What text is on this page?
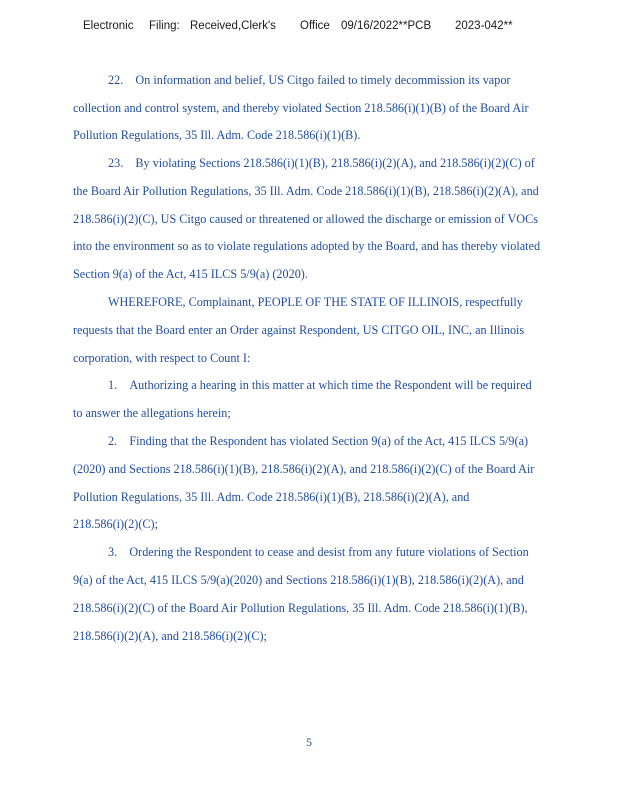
Electronic Filing: Received,Clerk's Office 09/16/2022**PCB 2023-042**
22. On information and belief, US Citgo failed to timely decommission its vapor
collection and control system, and thereby violated Section 218.586(i)(1)(B) of the Board Air
Pollution Regulations, 35 Ill. Adm. Code 218.586(i)(1)(B).
23. By violating Sections 218.586(i)(1)(B), 218.586(i)(2)(A), and 218.586(i)(2)(C) of
the Board Air Pollution Regulations, 35 Ill. Adm. Code 218.586(i)(1)(B), 218.586(i)(2)(A), and
218.586(i)(2)(C), US Citgo caused or threatened or allowed the discharge or emission of VOCs
into the environment so as to violate regulations adopted by the Board, and has thereby violated
Section 9(a) of the Act, 415 ILCS 5/9(a) (2020).
WHEREFORE, Complainant, PEOPLE OF THE STATE OF ILLINOIS, respectfully
requests that the Board enter an Order against Respondent, US CITGO OIL, INC, an Illinois
corporation, with respect to Count I:
1. Authorizing a hearing in this matter at which time the Respondent will be required
to answer the allegations herein;
2. Finding that the Respondent has violated Section 9(a) of the Act, 415 ILCS 5/9(a)
(2020) and Sections 218.586(i)(1)(B), 218.586(i)(2)(A), and 218.586(i)(2)(C) of the Board Air
Pollution Regulations, 35 Ill. Adm. Code 218.586(i)(1)(B), 218.586(i)(2)(A), and
218.586(i)(2)(C);
3. Ordering the Respondent to cease and desist from any future violations of Section
9(a) of the Act, 415 ILCS 5/9(a)(2020) and Sections 218.586(i)(1)(B), 218.586(i)(2)(A), and
218.586(i)(2)(C) of the Board Air Pollution Regulations, 35 Ill. Adm. Code 218.586(i)(1)(B),
218.586(i)(2)(A), and 218.586(i)(2)(C);
5
